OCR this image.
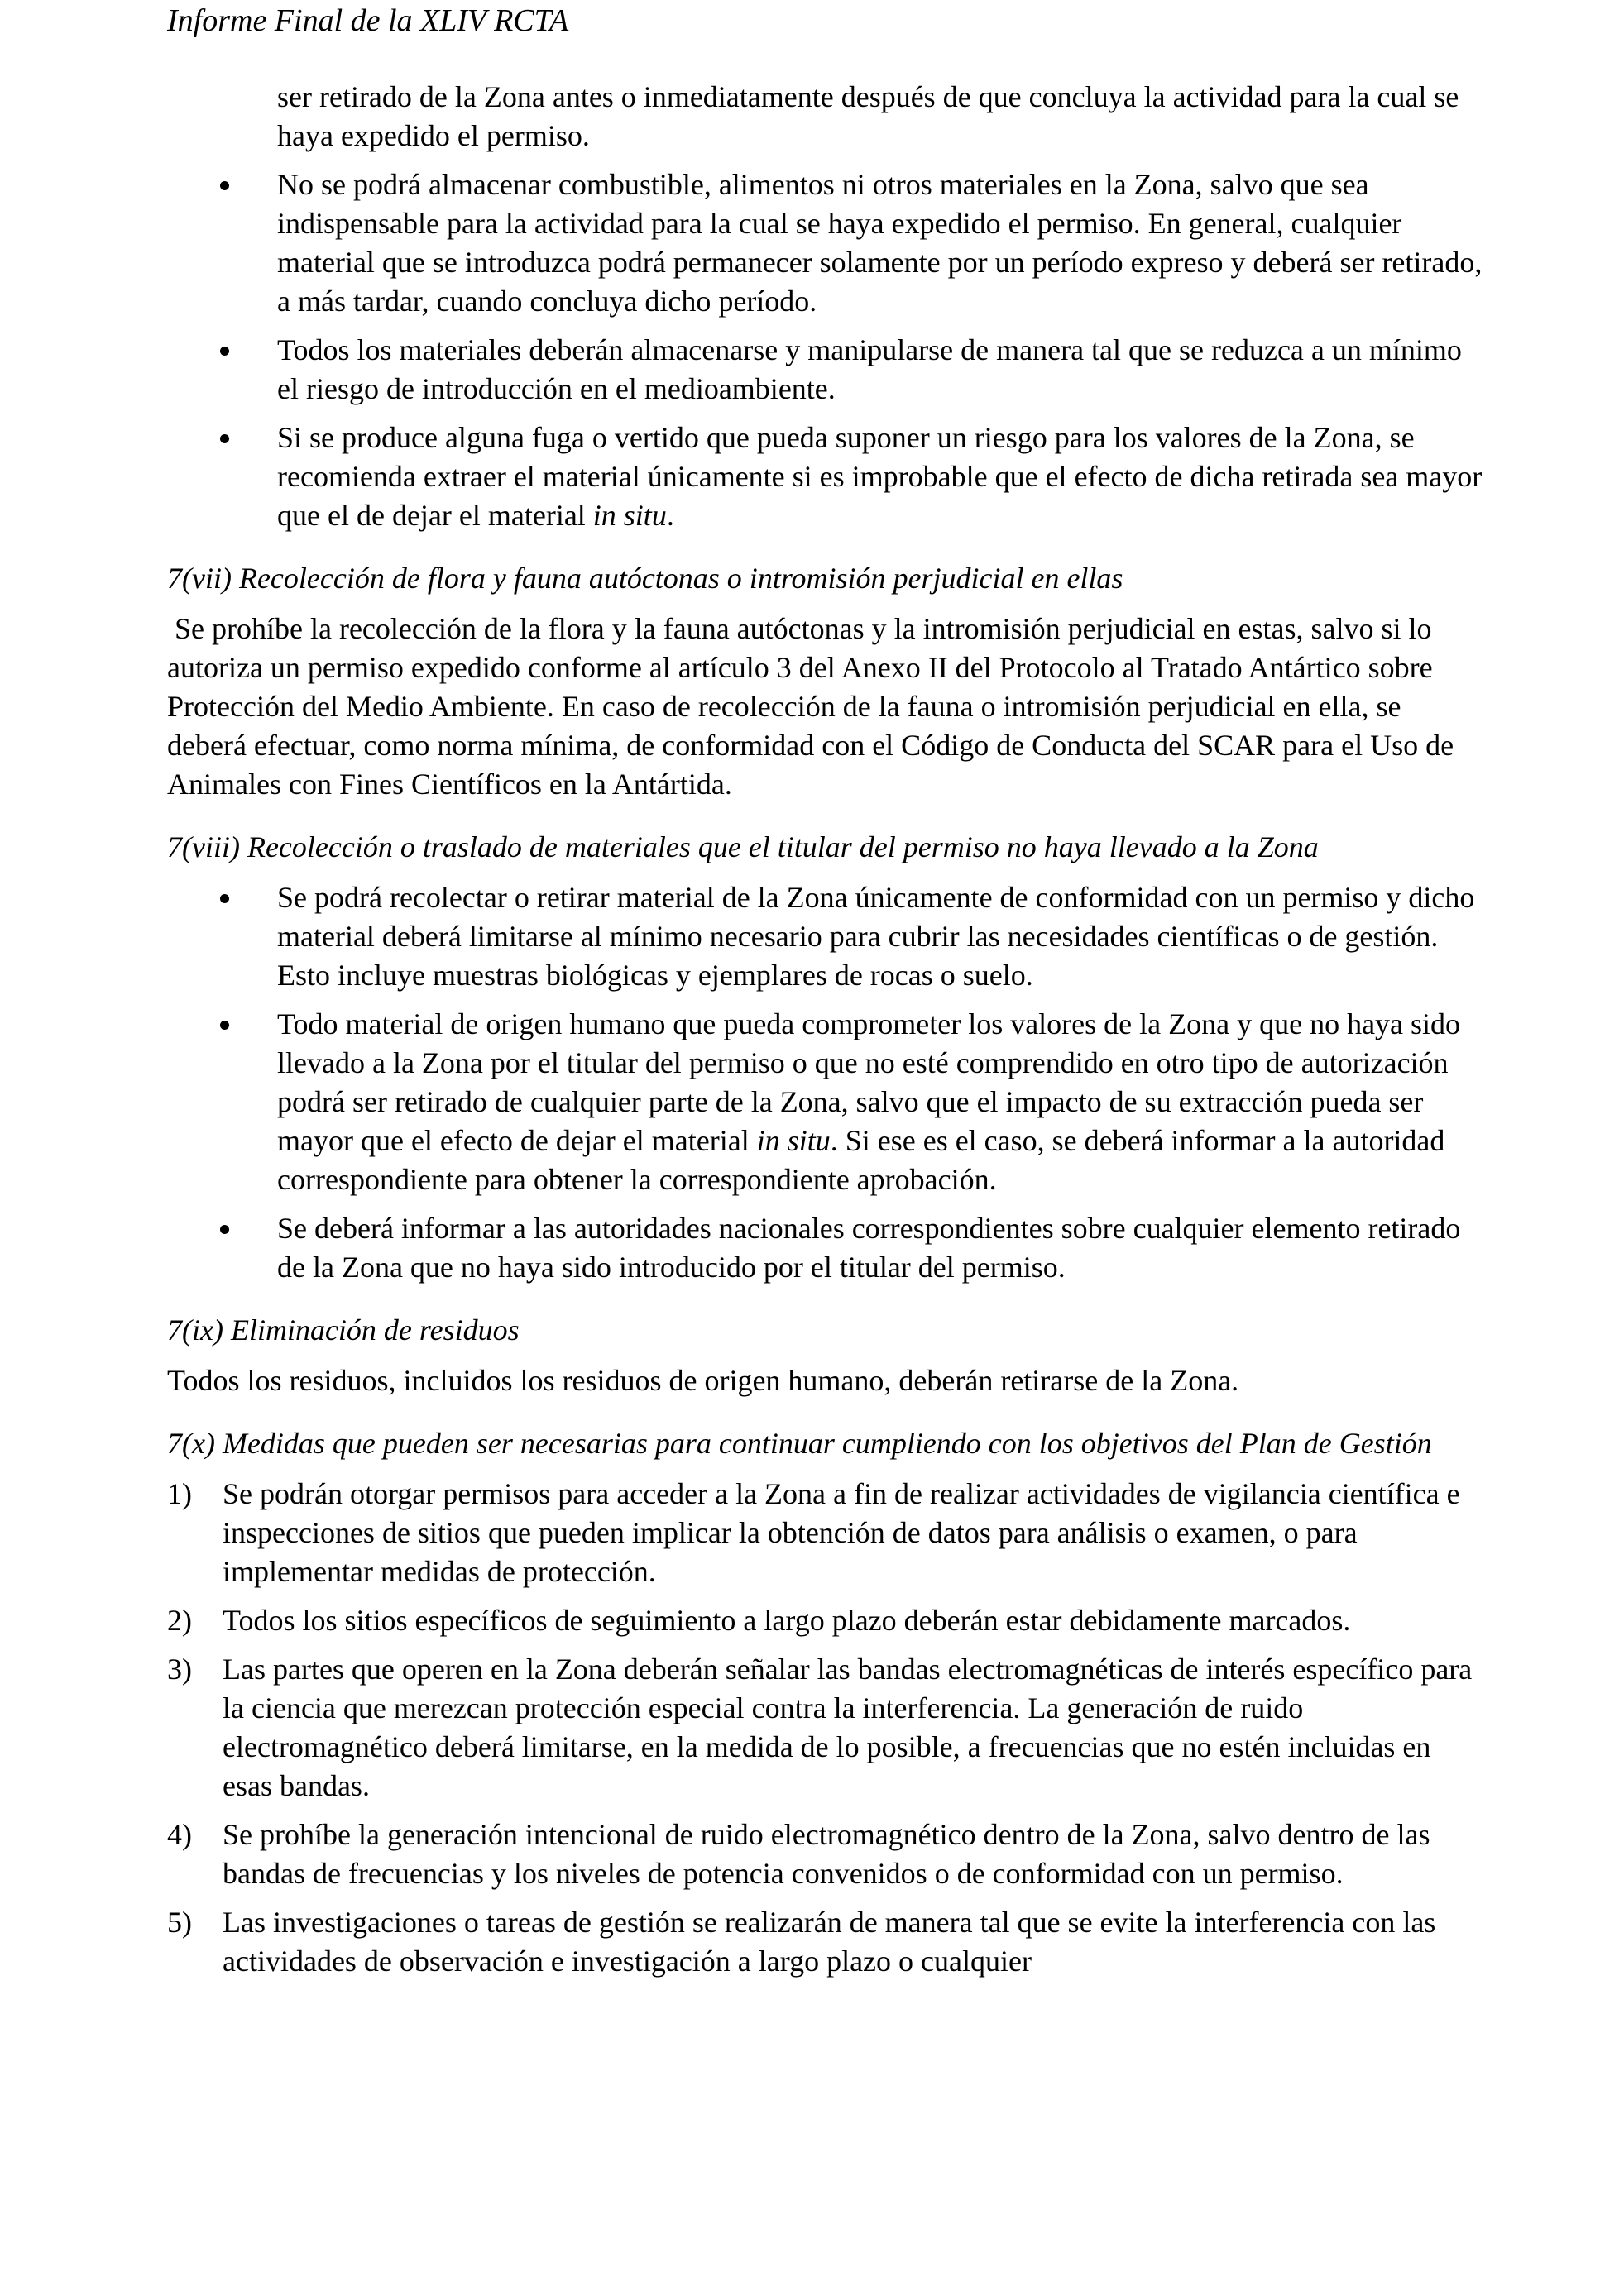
Informe Final de la XLIV RCTA
ser retirado de la Zona antes o inmediatamente después de que concluya la actividad para la cual se haya expedido el permiso.
No se podrá almacenar combustible, alimentos ni otros materiales en la Zona, salvo que sea indispensable para la actividad para la cual se haya expedido el permiso. En general, cualquier material que se introduzca podrá permanecer solamente por un período expreso y deberá ser retirado, a más tardar, cuando concluya dicho período.
Todos los materiales deberán almacenarse y manipularse de manera tal que se reduzca a un mínimo el riesgo de introducción en el medioambiente.
Si se produce alguna fuga o vertido que pueda suponer un riesgo para los valores de la Zona, se recomienda extraer el material únicamente si es improbable que el efecto de dicha retirada sea mayor que el de dejar el material in situ.
7(vii) Recolección de flora y fauna autóctonas o intromisión perjudicial en ellas

Se prohíbe la recolección de la flora y la fauna autóctonas y la intromisión perjudicial en estas, salvo si lo autoriza un permiso expedido conforme al artículo 3 del Anexo II del Protocolo al Tratado Antártico sobre Protección del Medio Ambiente. En caso de recolección de la fauna o intromisión perjudicial en ella, se deberá efectuar, como norma mínima, de conformidad con el Código de Conducta del SCAR para el Uso de Animales con Fines Científicos en la Antártida.

7(viii) Recolección o traslado de materiales que el titular del permiso no haya llevado a la Zona
Se podrá recolectar o retirar material de la Zona únicamente de conformidad con un permiso y dicho material deberá limitarse al mínimo necesario para cubrir las necesidades científicas o de gestión. Esto incluye muestras biológicas y ejemplares de rocas o suelo.
Todo material de origen humano que pueda comprometer los valores de la Zona y que no haya sido llevado a la Zona por el titular del permiso o que no esté comprendido en otro tipo de autorización podrá ser retirado de cualquier parte de la Zona, salvo que el impacto de su extracción pueda ser mayor que el efecto de dejar el material in situ. Si ese es el caso, se deberá informar a la autoridad correspondiente para obtener la correspondiente aprobación.
Se deberá informar a las autoridades nacionales correspondientes sobre cualquier elemento retirado de la Zona que no haya sido introducido por el titular del permiso.
7(ix) Eliminación de residuos

Todos los residuos, incluidos los residuos de origen humano, deberán retirarse de la Zona.

7(x) Medidas que pueden ser necesarias para continuar cumpliendo con los objetivos del Plan de Gestión
1) Se podrán otorgar permisos para acceder a la Zona a fin de realizar actividades de vigilancia científica e inspecciones de sitios que pueden implicar la obtención de datos para análisis o examen, o para implementar medidas de protección.
2) Todos los sitios específicos de seguimiento a largo plazo deberán estar debidamente marcados.
3) Las partes que operen en la Zona deberán señalar las bandas electromagnéticas de interés específico para la ciencia que merezcan protección especial contra la interferencia. La generación de ruido electromagnético deberá limitarse, en la medida de lo posible, a frecuencias que no estén incluidas en esas bandas.
4) Se prohíbe la generación intencional de ruido electromagnético dentro de la Zona, salvo dentro de las bandas de frecuencias y los niveles de potencia convenidos o de conformidad con un permiso.
5) Las investigaciones o tareas de gestión se realizarán de manera tal que se evite la interferencia con las actividades de observación e investigación a largo plazo o cualquier
